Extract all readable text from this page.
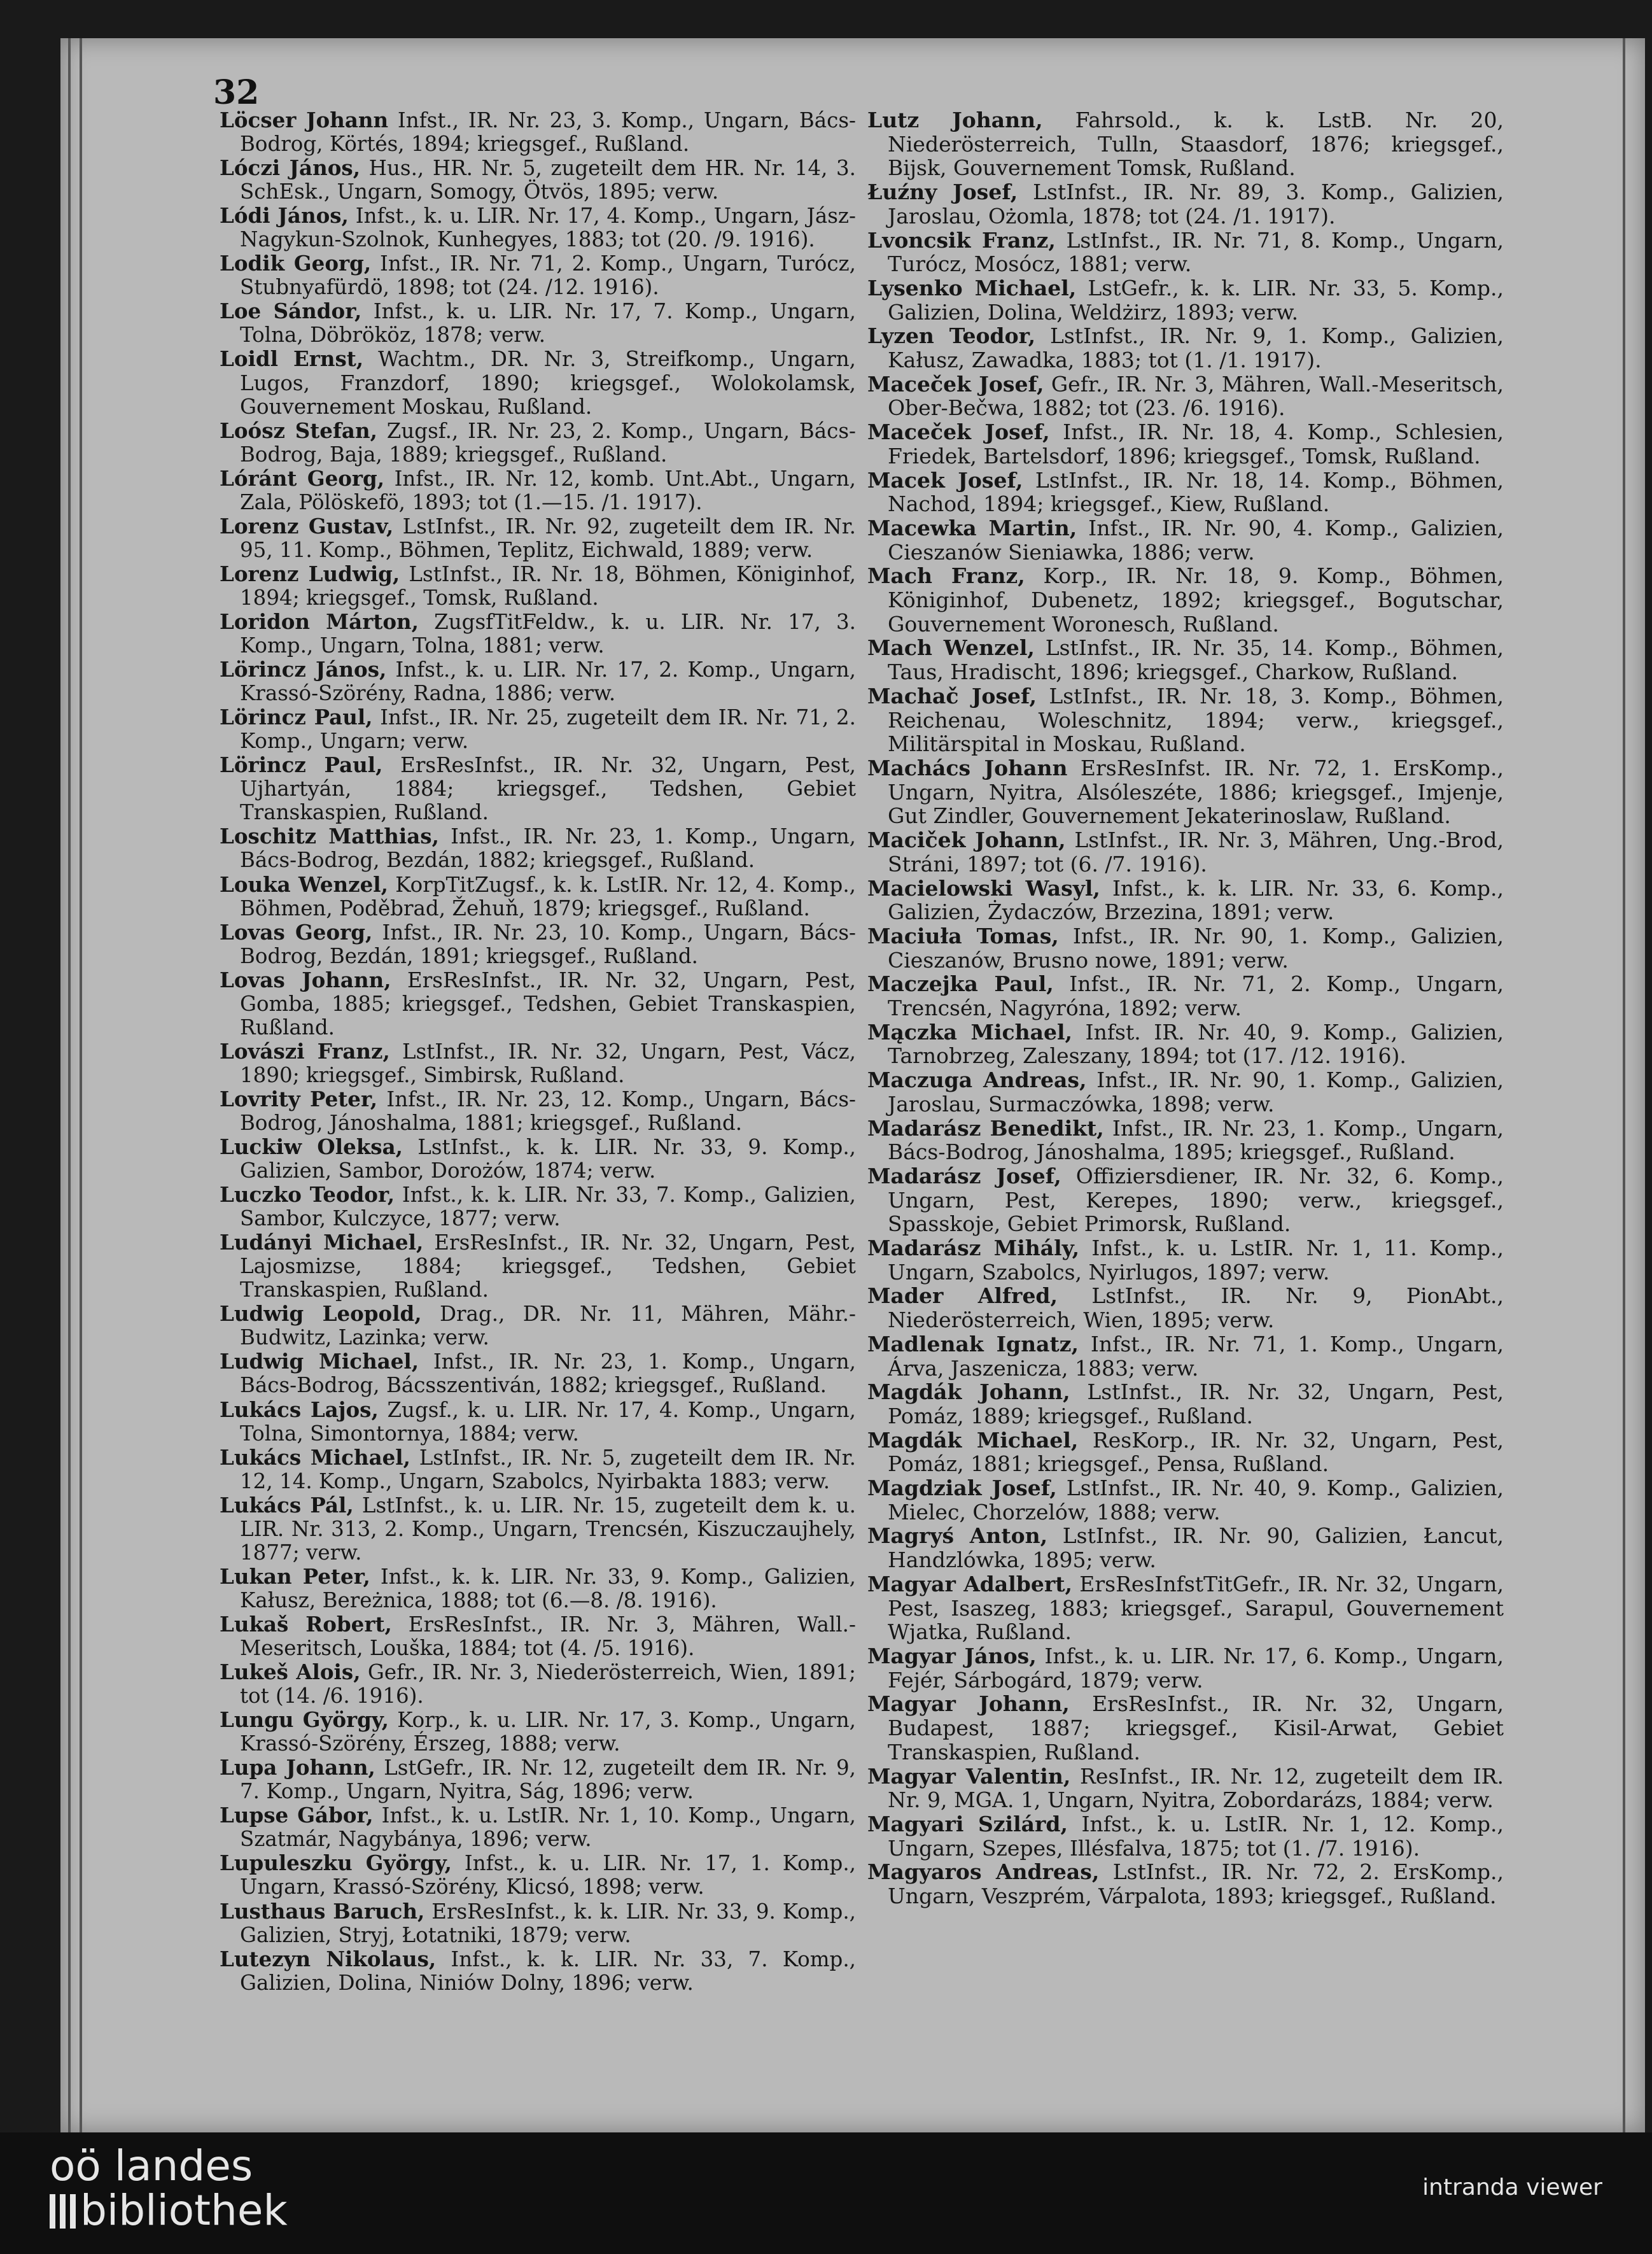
32

Löcser Johann Infst., IR. Nr. 23, 3. Komp., Ungarn, Bács-Bodrog, Körtés, 1894; kriegsgef., Rußland.

Lóczi János, Hus., HR. Nr. 5, zugeteilt dem HR. Nr. 14, 3. SchEsk., Ungarn, Somogy, Ötvös, 1895; verw.

Lódi János, Infst., k. u. LIR. Nr. 17, 4. Komp., Ungarn, Jász-Nagykun-Szolnok, Kunhegyes, 1883; tot (20. /9. 1916).

Lodik Georg, Infst., IR. Nr. 71, 2. Komp., Ungarn, Turócz, Stubnyafürdö, 1898; tot (24. /12. 1916).

Loe Sándor, Infst., k. u. LIR. Nr. 17, 7. Komp., Ungarn, Tolna, Döbrököz, 1878; verw.

Loidl Ernst, Wachtm., DR. Nr. 3, Streifkomp., Ungarn, Lugos, Franzdorf, 1890; kriegsgef., Wolokolamsk, Gouvernement Moskau, Rußland.

Loósz Stefan, Zugsf., IR. Nr. 23, 2. Komp., Ungarn, Bács-Bodrog, Baja, 1889; kriegsgef., Rußland.

Lóránt Georg, Infst., IR. Nr. 12, komb. Unt.Abt., Ungarn, Zala, Pölöskefö, 1893; tot (1.—15. /1. 1917).

Lorenz Gustav, LstInfst., IR. Nr. 92, zugeteilt dem IR. Nr. 95, 11. Komp., Böhmen, Teplitz, Eichwald, 1889; verw.

Lorenz Ludwig, LstInfst., IR. Nr. 18, Böhmen, Königinhof, 1894; kriegsgef., Tomsk, Rußland.

Loridon Márton, ZugsfTitFeldw., k. u. LIR. Nr. 17, 3. Komp., Ungarn, Tolna, 1881; verw.

Lörincz János, Infst., k. u. LIR. Nr. 17, 2. Komp., Ungarn, Krassó-Szörény, Radna, 1886; verw.

Lörincz Paul, Infst., IR. Nr. 25, zugeteilt dem IR. Nr. 71, 2. Komp., Ungarn; verw.

Lörincz Paul, ErsResInfst., IR. Nr. 32, Ungarn, Pest, Ujhartyán, 1884; kriegsgef., Tedshen, Gebiet Transkaspien, Rußland.

Loschitz Matthias, Infst., IR. Nr. 23, 1. Komp., Ungarn, Bács-Bodrog, Bezdán, 1882; kriegsgef., Rußland.

Louka Wenzel, KorpTitZugsf., k. k. LstIR. Nr. 12, 4. Komp., Böhmen, Poděbrad, Žehuň, 1879; kriegsgef., Rußland.

Lovas Georg, Infst., IR. Nr. 23, 10. Komp., Ungarn, Bács-Bodrog, Bezdán, 1891; kriegsgef., Rußland.

Lovas Johann, ErsResInfst., IR. Nr. 32, Ungarn, Pest, Gomba, 1885; kriegsgef., Tedshen, Gebiet Transkaspien, Rußland.

Lovászi Franz, LstInfst., IR. Nr. 32, Ungarn, Pest, Vácz, 1890; kriegsgef., Simbirsk, Rußland.

Lovrity Peter, Infst., IR. Nr. 23, 12. Komp., Ungarn, Bács-Bodrog, Jánoshalma, 1881; kriegsgef., Rußland.

Luckiw Oleksa, LstInfst., k. k. LIR. Nr. 33, 9. Komp., Galizien, Sambor, Dorożów, 1874; verw.

Luczko Teodor, Infst., k. k. LIR. Nr. 33, 7. Komp., Galizien, Sambor, Kulczyce, 1877; verw.

Ludányi Michael, ErsResInfst., IR. Nr. 32, Ungarn, Pest, Lajosmizse, 1884; kriegsgef., Tedshen, Gebiet Transkaspien, Rußland.

Ludwig Leopold, Drag., DR. Nr. 11, Mähren, Mähr.-Budwitz, Lazinka; verw.

Ludwig Michael, Infst., IR. Nr. 23, 1. Komp., Ungarn, Bács-Bodrog, Bácsszentiván, 1882; kriegsgef., Rußland.

Lukács Lajos, Zugsf., k. u. LIR. Nr. 17, 4. Komp., Ungarn, Tolna, Simontornya, 1884; verw.

Lukács Michael, LstInfst., IR. Nr. 5, zugeteilt dem IR. Nr. 12, 14. Komp., Ungarn, Szabolcs, Nyirbakta 1883; verw.

Lukács Pál, LstInfst., k. u. LIR. Nr. 15, zugeteilt dem k. u. LIR. Nr. 313, 2. Komp., Ungarn, Trencsén, Kiszuczaujhely, 1877; verw.

Lukan Peter, Infst., k. k. LIR. Nr. 33, 9. Komp., Galizien, Kałusz, Bereżnica, 1888; tot (6.—8. /8. 1916).

Lukaš Robert, ErsResInfst., IR. Nr. 3, Mähren, Wall.-Meseritsch, Louška, 1884; tot (4. /5. 1916).

Lukeš Alois, Gefr., IR. Nr. 3, Niederösterreich, Wien, 1891; tot (14. /6. 1916).

Lungu György, Korp., k. u. LIR. Nr. 17, 3. Komp., Ungarn, Krassó-Szörény, Érszeg, 1888; verw.

Lupa Johann, LstGefr., IR. Nr. 12, zugeteilt dem IR. Nr. 9, 7. Komp., Ungarn, Nyitra, Ság, 1896; verw.

Lupse Gábor, Infst., k. u. LstIR. Nr. 1, 10. Komp., Ungarn, Szatmár, Nagybánya, 1896; verw.

Lupuleszku György, Infst., k. u. LIR. Nr. 17, 1. Komp., Ungarn, Krassó-Szörény, Klicsó, 1898; verw.

Lusthaus Baruch, ErsResInfst., k. k. LIR. Nr. 33, 9. Komp., Galizien, Stryj, Łotatniki, 1879; verw.

Lutezyn Nikolaus, Infst., k. k. LIR. Nr. 33, 7. Komp., Galizien, Dolina, Niniów Dolny, 1896; verw.

Lutz Johann, Fahrsold., k. k. LstB. Nr. 20, Niederösterreich, Tulln, Staasdorf, 1876; kriegsgef., Bijsk, Gouvernement Tomsk, Rußland.

Łuźny Josef, LstInfst., IR. Nr. 89, 3. Komp., Galizien, Jaroslau, Ożomla, 1878; tot (24. /1. 1917).

Lvoncsik Franz, LstInfst., IR. Nr. 71, 8. Komp., Ungarn, Turócz, Mosócz, 1881; verw.

Lysenko Michael, LstGefr., k. k. LIR. Nr. 33, 5. Komp., Galizien, Dolina, Weldżirz, 1893; verw.

Lyzen Teodor, LstInfst., IR. Nr. 9, 1. Komp., Galizien, Kałusz, Zawadka, 1883; tot (1. /1. 1917).

Maceček Josef, Gefr., IR. Nr. 3, Mähren, Wall.-Meseritsch, Ober-Bečwa, 1882; tot (23. /6. 1916).

Maceček Josef, Infst., IR. Nr. 18, 4. Komp., Schlesien, Friedek, Bartelsdorf, 1896; kriegsgef., Tomsk, Rußland.

Macek Josef, LstInfst., IR. Nr. 18, 14. Komp., Böhmen, Nachod, 1894; kriegsgef., Kiew, Rußland.

Macewka Martin, Infst., IR. Nr. 90, 4. Komp., Galizien, Cieszanów Sieniawka, 1886; verw.

Mach Franz, Korp., IR. Nr. 18, 9. Komp., Böhmen, Königinhof, Dubenetz, 1892; kriegsgef., Bogutschar, Gouvernement Woronesch, Rußland.

Mach Wenzel, LstInfst., IR. Nr. 35, 14. Komp., Böhmen, Taus, Hradischt, 1896; kriegsgef., Charkow, Rußland.

Machač Josef, LstInfst., IR. Nr. 18, 3. Komp., Böhmen, Reichenau, Woleschnitz, 1894; verw., kriegsgef., Militärspital in Moskau, Rußland.

Machács Johann ErsResInfst. IR. Nr. 72, 1. ErsKomp., Ungarn, Nyitra, Alsóleszéte, 1886; kriegsgef., Imjenje, Gut Zindler, Gouvernement Jekaterinoslaw, Rußland.

Maciček Johann, LstInfst., IR. Nr. 3, Mähren, Ung.-Brod, Stráni, 1897; tot (6. /7. 1916).

Macielowski Wasyl, Infst., k. k. LIR. Nr. 33, 6. Komp., Galizien, Żydaczów, Brzezina, 1891; verw.

Maciuła Tomas, Infst., IR. Nr. 90, 1. Komp., Galizien, Cieszanów, Brusno nowe, 1891; verw.

Maczejka Paul, Infst., IR. Nr. 71, 2. Komp., Ungarn, Trencsén, Nagyróna, 1892; verw.

Mączka Michael, Infst. IR. Nr. 40, 9. Komp., Galizien, Tarnobrzeg, Zaleszany, 1894; tot (17. /12. 1916).

Maczuga Andreas, Infst., IR. Nr. 90, 1. Komp., Galizien, Jaroslau, Surmaczówka, 1898; verw.

Madarász Benedikt, Infst., IR. Nr. 23, 1. Komp., Ungarn, Bács-Bodrog, Jánoshalma, 1895; kriegsgef., Rußland.

Madarász Josef, Offiziersdiener, IR. Nr. 32, 6. Komp., Ungarn, Pest, Kerepes, 1890; verw., kriegsgef., Spasskoje, Gebiet Primorsk, Rußland.

Madarász Mihály, Infst., k. u. LstIR. Nr. 1, 11. Komp., Ungarn, Szabolcs, Nyirlugos, 1897; verw.

Mader Alfred, LstInfst., IR. Nr. 9, PionAbt., Niederösterreich, Wien, 1895; verw.

Madlenak Ignatz, Infst., IR. Nr. 71, 1. Komp., Ungarn, Árva, Jaszenicza, 1883; verw.

Magdák Johann, LstInfst., IR. Nr. 32, Ungarn, Pest, Pomáz, 1889; kriegsgef., Rußland.

Magdák Michael, ResKorp., IR. Nr. 32, Ungarn, Pest, Pomáz, 1881; kriegsgef., Pensa, Rußland.

Magdziak Josef, LstInfst., IR. Nr. 40, 9. Komp., Galizien, Mielec, Chorzelów, 1888; verw.

Magryś Anton, LstInfst., IR. Nr. 90, Galizien, Łancut, Handzlówka, 1895; verw.

Magyar Adalbert, ErsResInfstTitGefr., IR. Nr. 32, Ungarn, Pest, Isaszeg, 1883; kriegsgef., Sarapul, Gouvernement Wjatka, Rußland.

Magyar János, Infst., k. u. LIR. Nr. 17, 6. Komp., Ungarn, Fejér, Sárbogárd, 1879; verw.

Magyar Johann, ErsResInfst., IR. Nr. 32, Ungarn, Budapest, 1887; kriegsgef., Kisil-Arwat, Gebiet Transkaspien, Rußland.

Magyar Valentin, ResInfst., IR. Nr. 12, zugeteilt dem IR. Nr. 9, MGA. 1, Ungarn, Nyitra, Zobordarázs, 1884; verw.

Magyari Szilárd, Infst., k. u. LstIR. Nr. 1, 12. Komp., Ungarn, Szepes, Illésfalva, 1875; tot (1. /7. 1916).

Magyaros Andreas, LstInfst., IR. Nr. 72, 2. ErsKomp., Ungarn, Veszprém, Várpalota, 1893; kriegsgef., Rußland.

oö landes
bibliothek	intranda viewer
